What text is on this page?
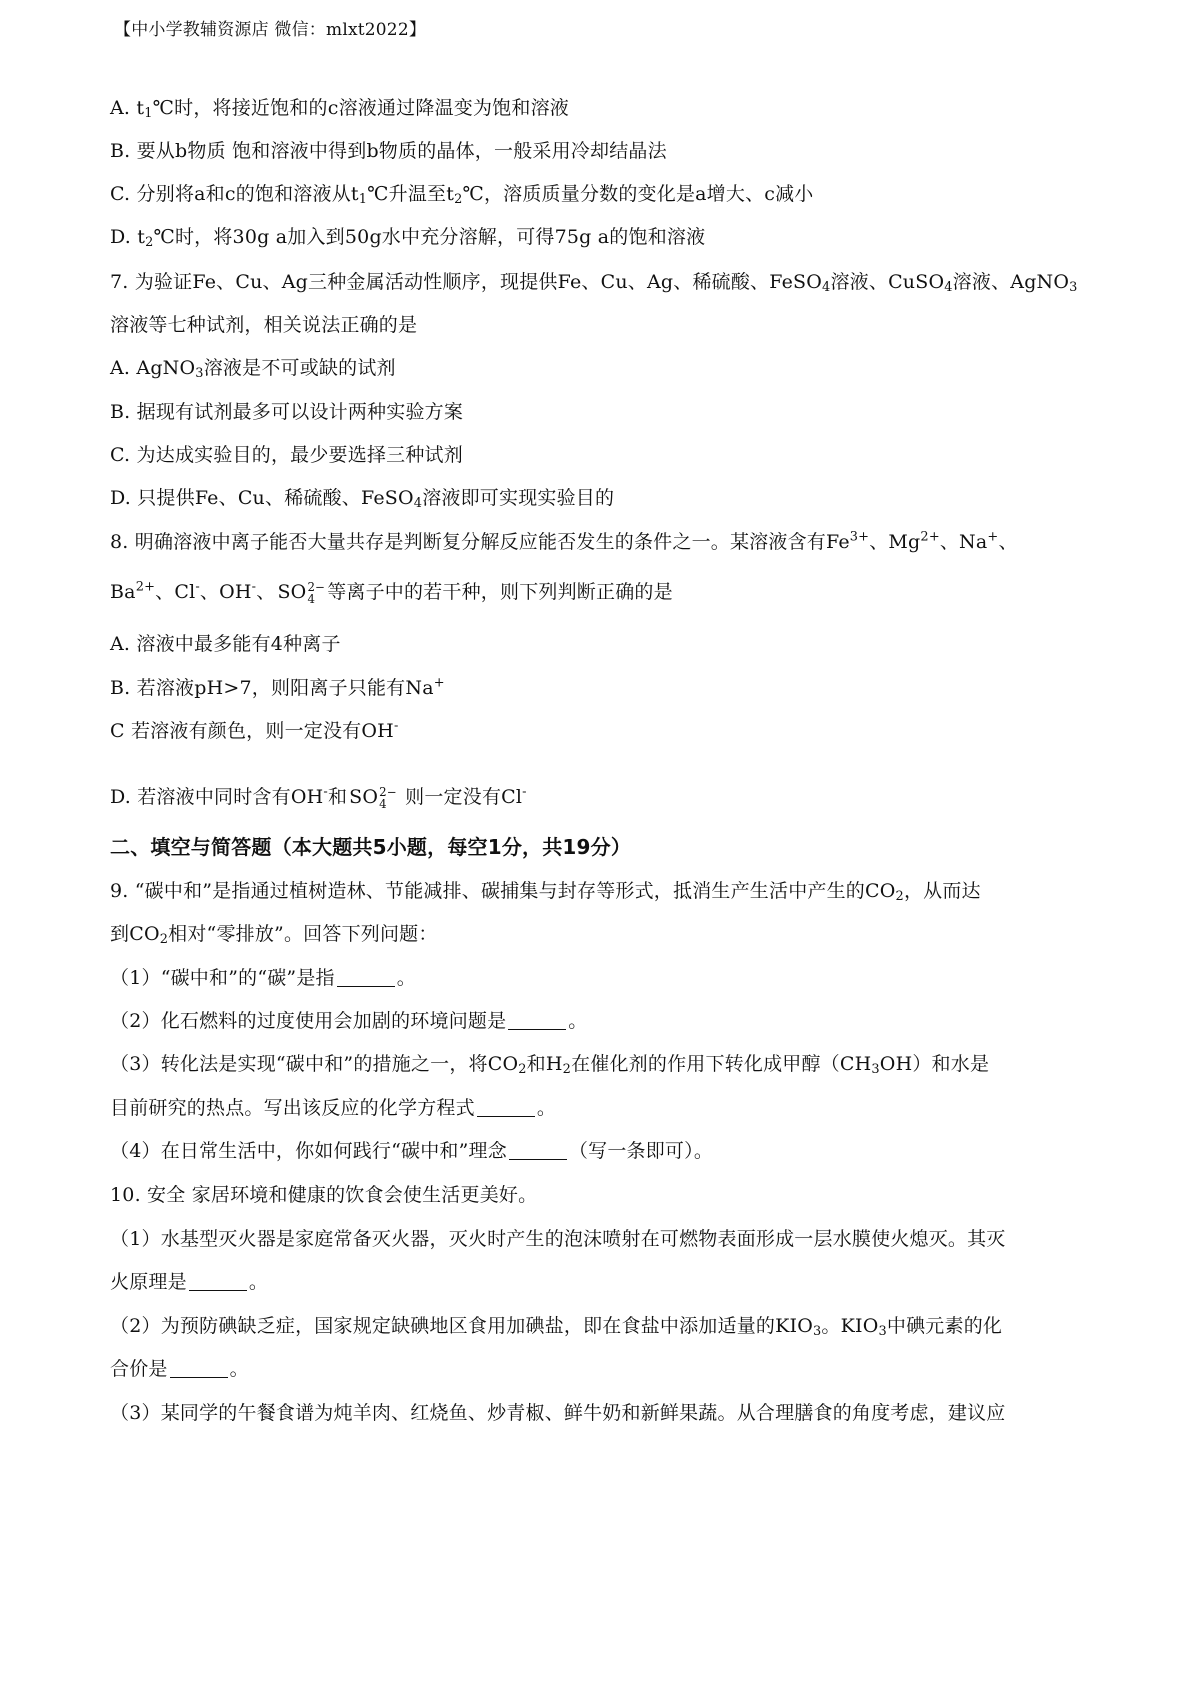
【中小学教辅资源店 微信：mlxt2022】
A. $t_1℃$时，将接近饱和的c溶液通过降温变为饱和溶液
B. 要从b物质 饱和溶液中得到b物质的晶体，一般采用冷却结晶法
C. 分别将a和c的饱和溶液从$t_1℃$升温至$t_2℃$，溶质质量分数的变化是a增大、c减小
D. $t_2℃$时，将30g a加入到50g水中充分溶解，可得75g a的饱和溶液
7. 为验证Fe、Cu、Ag三种金属活动性顺序，现提供Fe、Cu、Ag、稀硫酸、FeSO$_4$溶液、CuSO$_4$溶液、AgNO$_3$
溶液等七种试剂，相关说法正确的是
A. AgNO$_3$溶液是不可或缺的试剂
B. 据现有试剂最多可以设计两种实验方案
C. 为达成实验目的，最少要选择三种试剂
D. 只提供Fe、Cu、稀硫酸、FeSO$_4$溶液即可实现实验目的
8. 明确溶液中离子能否大量共存是判断复分解反应能否发生的条件之一。某溶液含有$Fe^{3+}$、$Mg^{2+}$、Na+、
$Ba^{2+}$、Cl-、OH-、 SO 2−
4 等离子中的若干种，则下列判断正确的是
A. 溶液中最多能有4种离子
B. 若溶液pH>7，则阳离子只能有Na+
C 若溶液有颜色，则一定没有OH-
D. 若溶液中同时含有OH-和 SO 2−
4 则一定没有Cl-
二、填空与简答题（本大题共5小题，每空1分，共19分）
9. “碳中和”是指通过植树造林、节能减排、碳捕集与封存等形式，抵消生产生活中产生的$CO_2$，从而达
到$CO_2$相对“零排放”。回答下列问题：
（1）“碳中和”的“碳”是指	。
（2）化石燃料的过度使用会加剧的环境问题是	。
（3）转化法是实现“碳中和”的措施之一，将$CO_2$和$H_2$在催化剂的作用下转化成甲醇$(CH_3OH)$和水是
目前研究的热点。写出该反应的化学方程式	。
（4）在日常生活中，你如何践行“碳中和”理念	（写一条即可）。
10. 安全 家居环境和健康的饮食会使生活更美好。
（1）水基型灭火器是家庭常备灭火器，灭火时产生的泡沫喷射在可燃物表面形成一层水膜使火熄灭。其灭
火原理是	。
（2）为预防碘缺乏症，国家规定缺碘地区食用加碘盐，即在食盐中添加适量的$KIO_3$。$KIO_3$中碘元素的化
合价是	。
（3）某同学的午餐食谱为炖羊肉、红烧鱼、炒青椒、鲜牛奶和新鲜果蔬。从合理膳食的角度考虑，建议应
